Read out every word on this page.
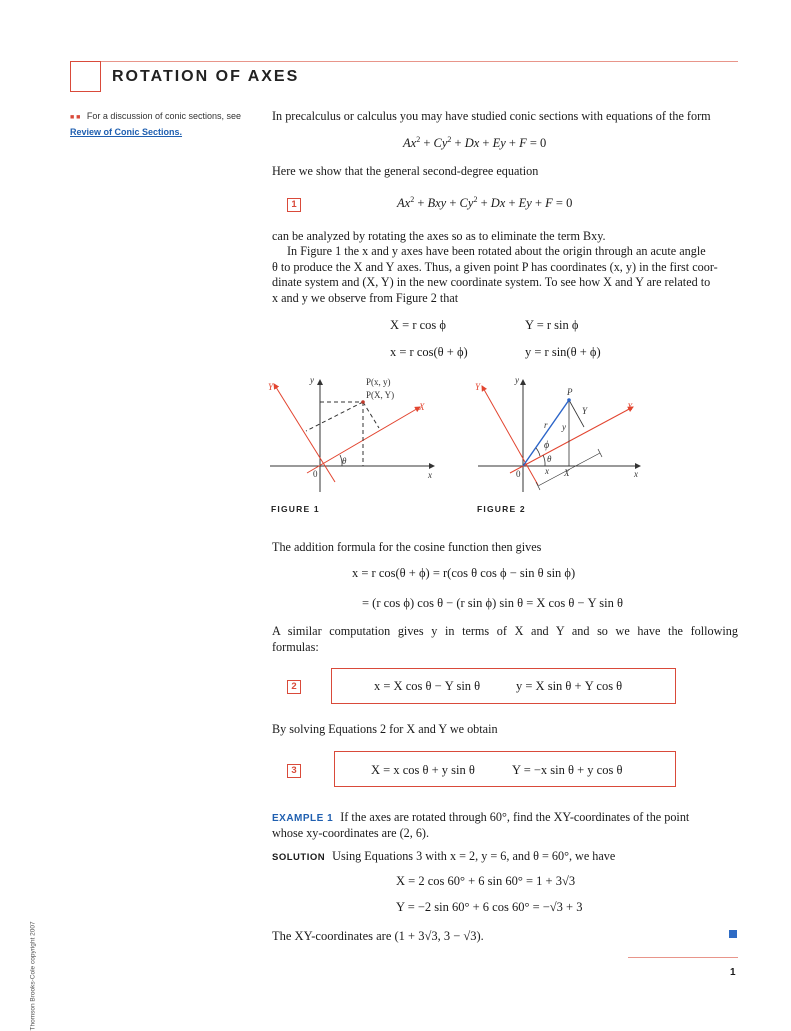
ROTATION OF AXES
■ ■ For a discussion of conic sections, see
Review of Conic Sections.
In precalculus or calculus you may have studied conic sections with equations of the form
$Ax^2 + Cy^2 + Dx + Ey + F = 0$
Here we show that the general second-degree equation
1	$Ax^2$ + Bxy + $Cy^2 + Dx + Ey + F = 0$
can be analyzed by rotating the axes so as to eliminate the term Bxy.
In Figure 1 the x and y axes have been rotated about the origin through an acute angle
θ to produce the X and Y axes. Thus, a given point P has coordinates (x, y) in the first coor-
dinate system and (X, Y) in the new coordinate system. To see how X and Y are related to
x and y we observe from Figure 2 that
X = r cos ϕ	Y = r sin ϕ
x = r cos(θ + ϕ)	y = r sin(θ + ϕ)
y
Y
X
x
0
θ
P(x, y)
P(X, Y)
FIGURE 1
y
Y
X
x
0
P
r
ϕ
θ
y
x X
Y
FIGURE 2
The addition formula for the cosine function then gives
x = r cos(θ + ϕ) = r(cos θ cos ϕ − sin θ sin ϕ)
= (r cos ϕ) cos θ − (r sin ϕ) sin θ = X cos θ − Y sin θ
A similar computation gives y in terms of X and Y and so we have the following
formulas:
2	x = X cos θ − Y sin θ	y = X sin θ + Y cos θ
By solving Equations 2 for X and Y we obtain
3	X = x cos θ + y sin θ	Y = −x sin θ + y cos θ
EXAMPLE 1 If the axes are rotated through 60°, find the XY-coordinates of the point
whose xy-coordinates are (2, 6).
SOLUTION Using Equations 3 with x = 2, y = 6, and θ = 60°, we have
X = 2 cos 60° + 6 sin 60° = 1 + 3√3
Y = −2 sin 60° + 6 cos 60° = −√3 + 3
The XY-coordinates are (1 + 3√3, 3 − √3).
1
Thomson Brooks-Cole copyright 2007
